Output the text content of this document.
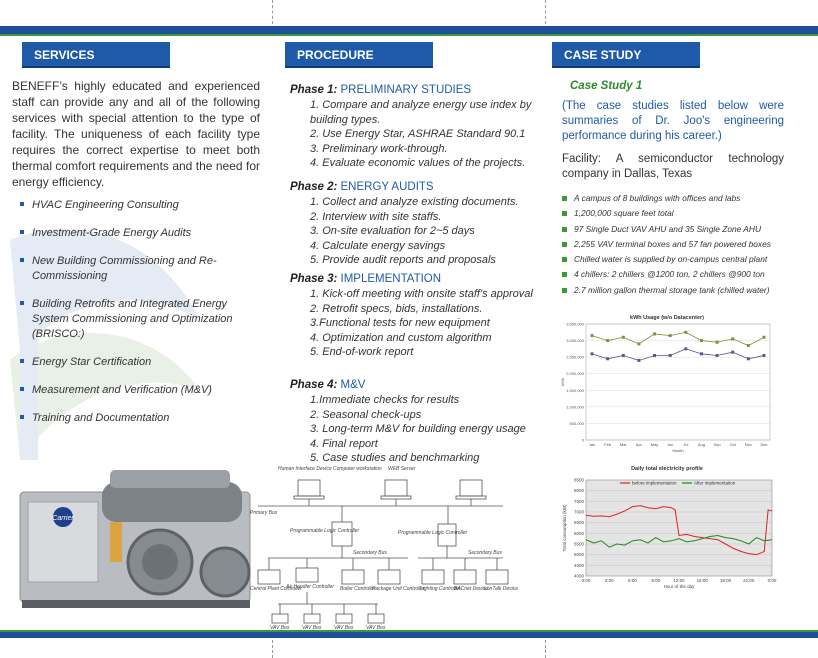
SERVICES
BENEFF’s highly educated and experienced staff can provide any and all of the following services with special attention to the type of facility. The uniqueness of each facility type requires the correct expertise to meet both thermal comfort requirements and the need for energy efficiency.
HVAC Engineering Consulting
Investment-Grade Energy Audits
New Building Commissioning and Re-Commissioning
Building Retrofits and Integrated Energy System Commissioning and Optimization (BRISCO:)
Energy Star Certification
Measurement and Verification (M&V)
Training and Documentation
Carrier
PROCEDURE
Phase 1: PRELIMINARY STUDIES
1. Compare and analyze energy use index by building types.
2. Use Energy Star, ASHRAE Standard 90.1
3. Preliminary work-through.
4. Evaluate economic values of the projects.
Phase 2: ENERGY AUDITS
1. Collect and analyze existing documents.
2. Interview with site staffs.
3. On-site evaluation for 2~5 days
4. Calculate energy savings
5. Provide audit reports and proposals
Phase 3: IMPLEMENTATION
1. Kick-off meeting with onsite staff's approval
2. Retrofit specs, bids, installations.
3.Functional tests for new equipment
4. Optimization and custom algorithm
5. End-of-work report
Phase 4: M&V
1.Immediate checks for results
2. Seasonal check-ups
3. Long-term M&V for building energy usage
4. Final report
5. Case studies and benchmarking
Human Interface Device Computer workstation WEB Server
Primary Bus
Programmable Logic Controller	Programmable Logic Controller
Secondary Bus	Secondary Bus
Central Plant Controller
Air Handler Controller Boiler Controller
Package Unit Controller
Lighting Controller
BACnet Device
LonTalk Device
VAV Box	VAV Box	VAV Box	VAV Box
CASE STUDY
Case Study 1
(The case studies listed below were summaries of Dr. Joo's engineering performance during his career.)
Facility: A semiconductor technology company in Dallas, Texas
A campus of 8 buildings with offices and labs
1,200,000 square feet total
97 Single Duct VAV AHU and 35 Single Zone AHU
2,255 VAV terminal boxes and 57 fan powered boxes
Chilled water is supplied by on-campus central plant
4 chillers: 2 chillers @1200 ton, 2 chillers @900 ton
2.7 million gallon thermal storage tank (chilled water)
kWh Usage (w/o Datacenter)
0
500,000
1,000,000
1,500,000
2,000,000
2,500,000
3,000,000
3,500,000
Jan Feb Mar Apr May Jun Jul Aug Sep Oct Nov Dec
Month
kWh
Daily total electricity profile
4000
4500
5000
5500
6000
6500
7000
7500
8000
8500
0:00	3:00	6:00	9:00	12:00	15:00	18:00	21:00	0:00
Hour of the day
Total consumption (kW)
before implementation	After implementation
